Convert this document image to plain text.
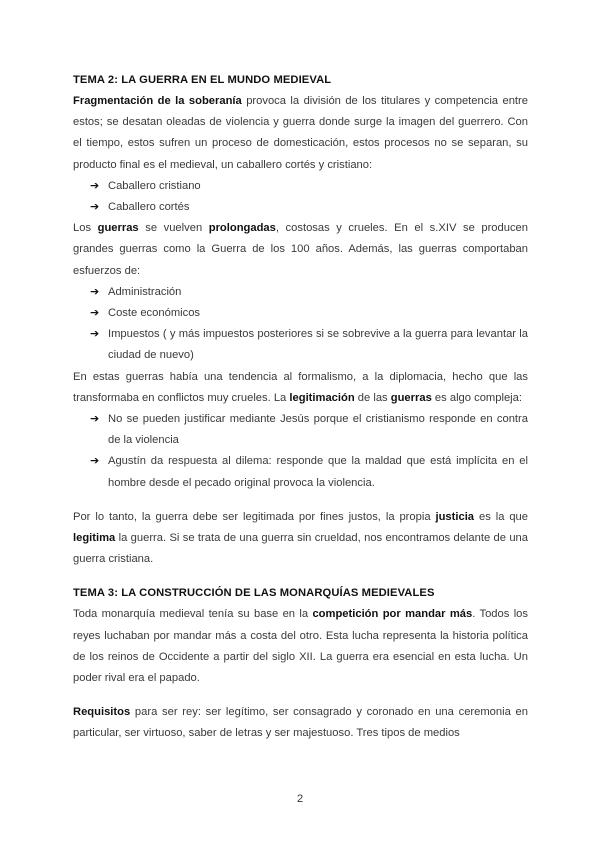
TEMA 2: LA GUERRA EN EL MUNDO MEDIEVAL

Fragmentación de la soberanía provoca la división de los titulares y competencia entre estos; se desatan oleadas de violencia y guerra donde surge la imagen del guerrero. Con el tiempo, estos sufren un proceso de domesticación, estos procesos no se separan, su producto final es el medieval, un caballero cortés y cristiano:

➔ Caballero cristiano
➔ Caballero cortés

Los guerras se vuelven prolongadas, costosas y crueles. En el s.XIV se producen grandes guerras como la Guerra de los 100 años. Además, las guerras comportaban esfuerzos de:

➔ Administración
➔ Coste económicos
➔ Impuestos ( y más impuestos posteriores si se sobrevive a la guerra para levantar la ciudad de nuevo)

En estas guerras había una tendencia al formalismo, a la diplomacia, hecho que las transformaba en conflictos muy crueles. La legitimación de las guerras es algo compleja:

➔ No se pueden justificar mediante Jesús porque el cristianismo responde en contra de la violencia
➔ Agustín da respuesta al dilema: responde que la maldad que está implícita en el hombre desde el pecado original provoca la violencia.

Por lo tanto, la guerra debe ser legitimada por fines justos, la propia justicia es la que legitima la guerra. Si se trata de una guerra sin crueldad, nos encontramos delante de una guerra cristiana.

TEMA 3: LA CONSTRUCCIÓN DE LAS MONARQUÍAS MEDIEVALES

Toda monarquía medieval tenía su base en la competición por mandar más. Todos los reyes luchaban por mandar más a costa del otro. Esta lucha representa la historia política de los reinos de Occidente a partir del siglo XII. La guerra era esencial en esta lucha. Un poder rival era el papado.

Requisitos para ser rey: ser legítimo, ser consagrado y coronado en una ceremonia en particular, ser virtuoso, saber de letras y ser majestuoso. Tres tipos de medios

2
